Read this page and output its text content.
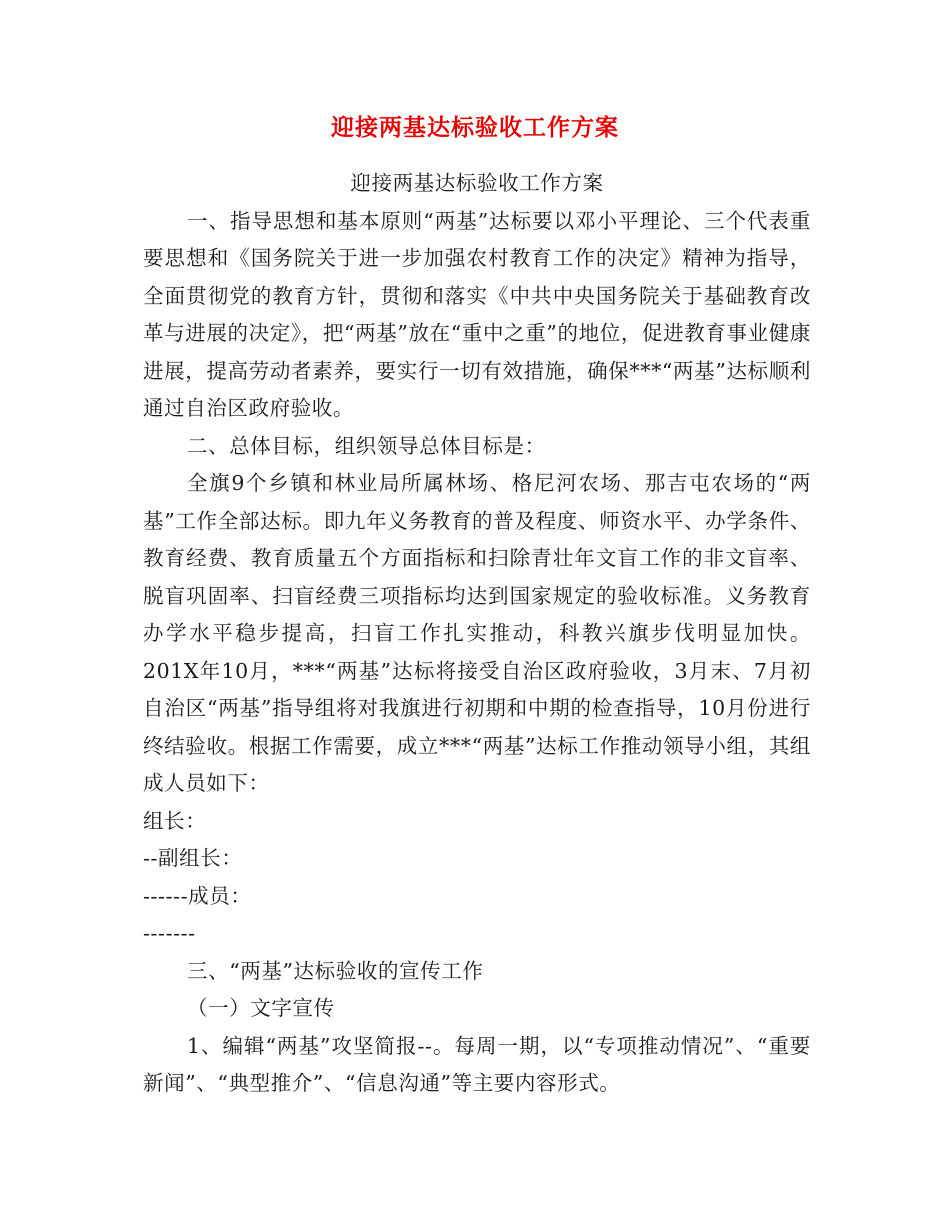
迎接两基达标验收工作方案

迎接两基达标验收工作方案

一、指导思想和基本原则“两基”达标要以邓小平理论、三个代表重要思想和《国务院关于进一步加强农村教育工作的决定》精神为指导，全面贯彻党的教育方针，贯彻和落实《中共中央国务院关于基础教育改革与进展的决定》，把“两基”放在“重中之重”的地位，促进教育事业健康进展，提高劳动者素养，要实行一切有效措施，确保***“两基”达标顺利通过自治区政府验收。

二、总体目标，组织领导总体目标是：

全旗9个乡镇和林业局所属林场、格尼河农场、那吉屯农场的“两基”工作全部达标。即九年义务教育的普及程度、师资水平、办学条件、教育经费、教育质量五个方面指标和扫除青壮年文盲工作的非文盲率、脱盲巩固率、扫盲经费三项指标均达到国家规定的验收标准。义务教育办学水平稳步提高，扫盲工作扎实推动，科教兴旗步伐明显加快。201X年10月，***“两基”达标将接受自治区政府验收，3月末、7月初自治区“两基”指导组将对我旗进行初期和中期的检查指导，10月份进行终结验收。根据工作需要，成立***“两基”达标工作推动领导小组，其组成人员如下：

组长：

--副组长：

------成员：

-------

三、“两基”达标验收的宣传工作

（一）文字宣传

1、编辑“两基”攻坚简报--。每周一期，以“专项推动情况”、“重要新闻”、“典型推介”、“信息沟通”等主要内容形式。
